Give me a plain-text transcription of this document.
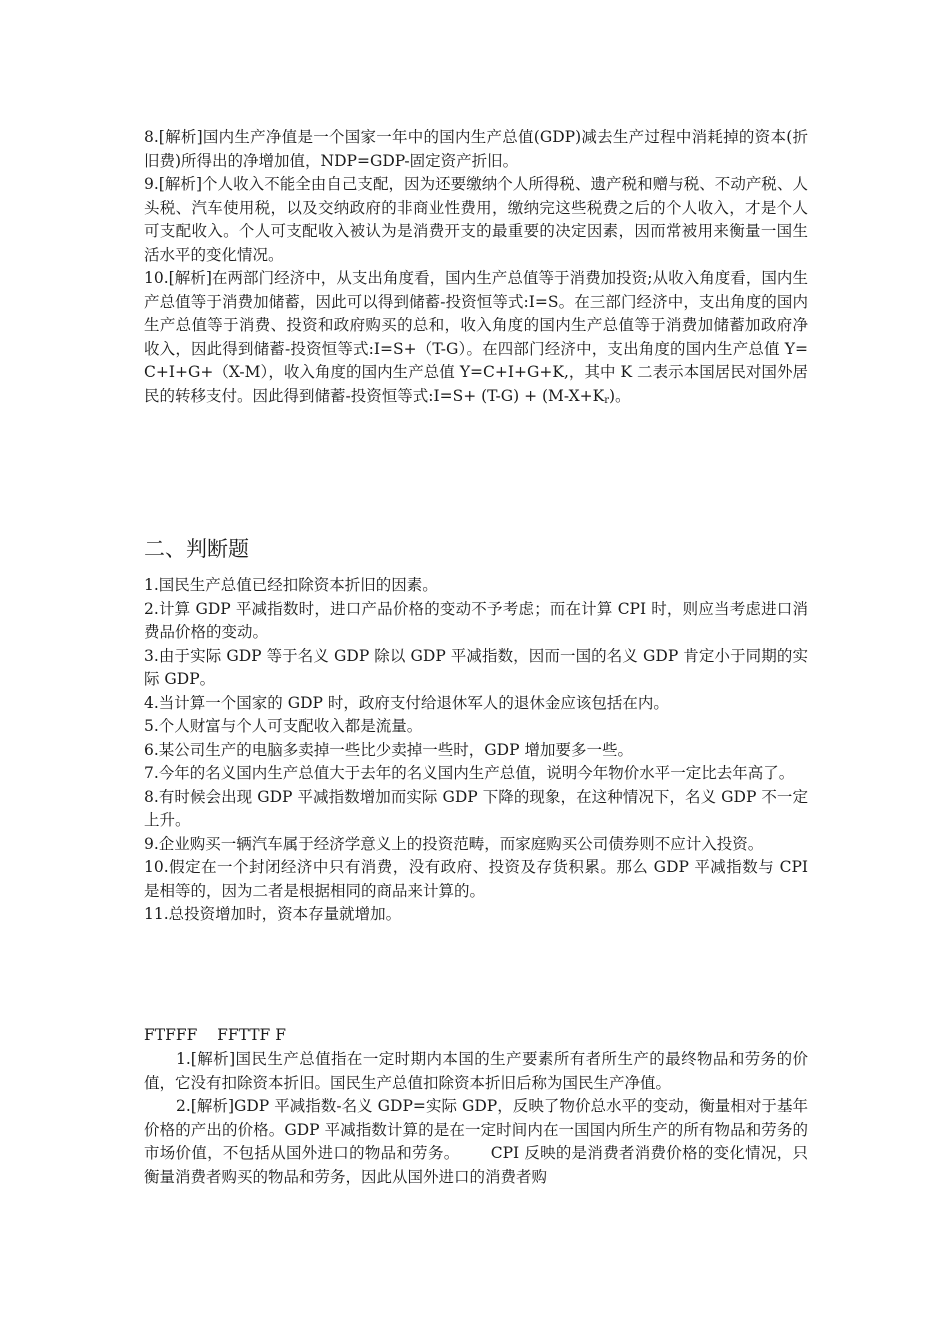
8.[解析]国内生产净值是一个国家一年中的国内生产总值(GDP)减去生产过程中消耗掉的资本(折旧费)所得出的净增加值，NDP=GDP-固定资产折旧。

9.[解析]个人收入不能全由自己支配，因为还要缴纳个人所得税、遗产税和赠与税、不动产税、人头税、汽车使用税，以及交纳政府的非商业性费用，缴纳完这些税费之后的个人收入，才是个人可支配收入。个人可支配收入被认为是消费开支的最重要的决定因素，因而常被用来衡量一国生活水平的变化情况。

10.[解析]在两部门经济中，从支出角度看，国内生产总值等于消费加投资;从收入角度看，国内生产总值等于消费加储蓄，因此可以得到储蓄-投资恒等式:I=S。在三部门经济中，支出角度的国内生产总值等于消费、投资和政府购买的总和，收入角度的国内生产总值等于消费加储蓄加政府净收入，因此得到储蓄-投资恒等式:I=S+（T-G）。在四部门经济中，支出角度的国内生产总值 Y=C+I+G+（X-M），收入角度的国内生产总值 Y=C+I+G+K,，其中 K 二表示本国居民对国外居民的转移支付。因此得到储蓄-投资恒等式:I=S+ $(T-G) + (M-X+K_r)$。

二、判断题

1.国民生产总值已经扣除资本折旧的因素。

2.计算 GDP 平减指数时，进口产品价格的变动不予考虑；而在计算 CPI 时，则应当考虑进口消费品价格的变动。

3.由于实际 GDP 等于名义 GDP 除以 GDP 平减指数，因而一国的名义 GDP 肯定小于同期的实际 GDP。

4.当计算一个国家的 GDP 时，政府支付给退休军人的退休金应该包括在内。

5.个人财富与个人可支配收入都是流量。

6.某公司生产的电脑多卖掉一些比少卖掉一些时，GDP 增加要多一些。

7.今年的名义国内生产总值大于去年的名义国内生产总值，说明今年物价水平一定比去年高了。

8.有时候会出现 GDP 平减指数增加而实际 GDP 下降的现象，在这种情况下，名义 GDP 不一定上升。

9.企业购买一辆汽车属于经济学意义上的投资范畴，而家庭购买公司债券则不应计入投资。

10.假定在一个封闭经济中只有消费，没有政府、投资及存货积累。那么 GDP 平减指数与 CPI 是相等的，因为二者是根据相同的商品来计算的。

11.总投资增加时，资本存量就增加。

FTFFF    FFTTF F

1.[解析]国民生产总值指在一定时期内本国的生产要素所有者所生产的最终物品和劳务的价值，它没有扣除资本折旧。国民生产总值扣除资本折旧后称为国民生产净值。

2.[解析]GDP 平减指数-名义 GDP=实际 GDP，反映了物价总水平的变动，衡量相对于基年价格的产出的价格。GDP 平减指数计算的是在一定时间内在一国国内所生产的所有物品和劳务的市场价值，不包括从国外进口的物品和劳务。      CPI 反映的是消费者消费价格的变化情况，只衡量消费者购买的物品和劳务，因此从国外进口的消费者购
